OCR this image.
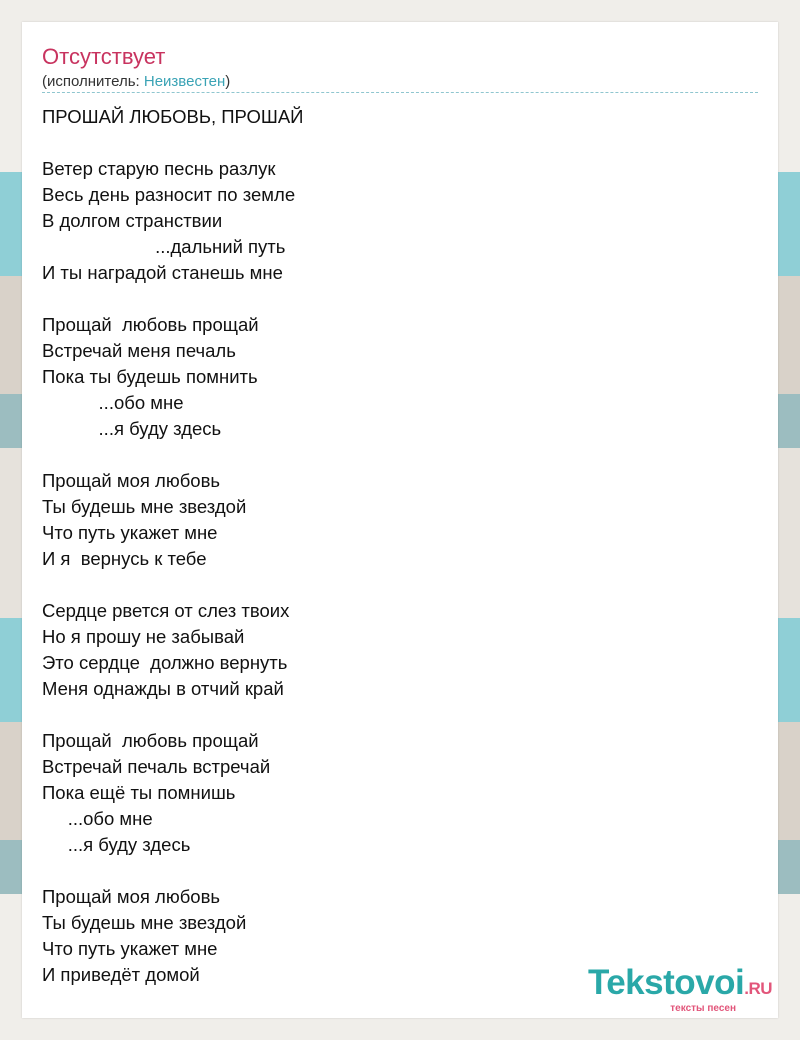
Отсутствует
(исполнитель: Неизвестен)
ПРОШАЙ ЛЮБОВЬ, ПРОШАЙ
Ветер старую песнь разлук
Весь день разносит по земле
В долгом странствии
...дальний путь
И ты наградой станешь мне
Прощай  любовь прощай
Встречай меня печаль
Пока ты будешь помнить
...обо мне
...я буду здесь
Прощай моя любовь
Ты будешь мне звездой
Что путь укажет мне
И я  вернусь к тебе
Сердце рвется от слез твоих
Но я прошу не забывай
Это сердце  должно вернуть
Меня однажды в отчий край
Прощай  любовь прощай
Встречай печаль встречай
Пока ещё ты помнишь
...обо мне
...я буду здесь
Прощай моя любовь
Ты будешь мне звездой
Что путь укажет мне
И приведёт домой	Tekstovoi.RU
тексты песен
